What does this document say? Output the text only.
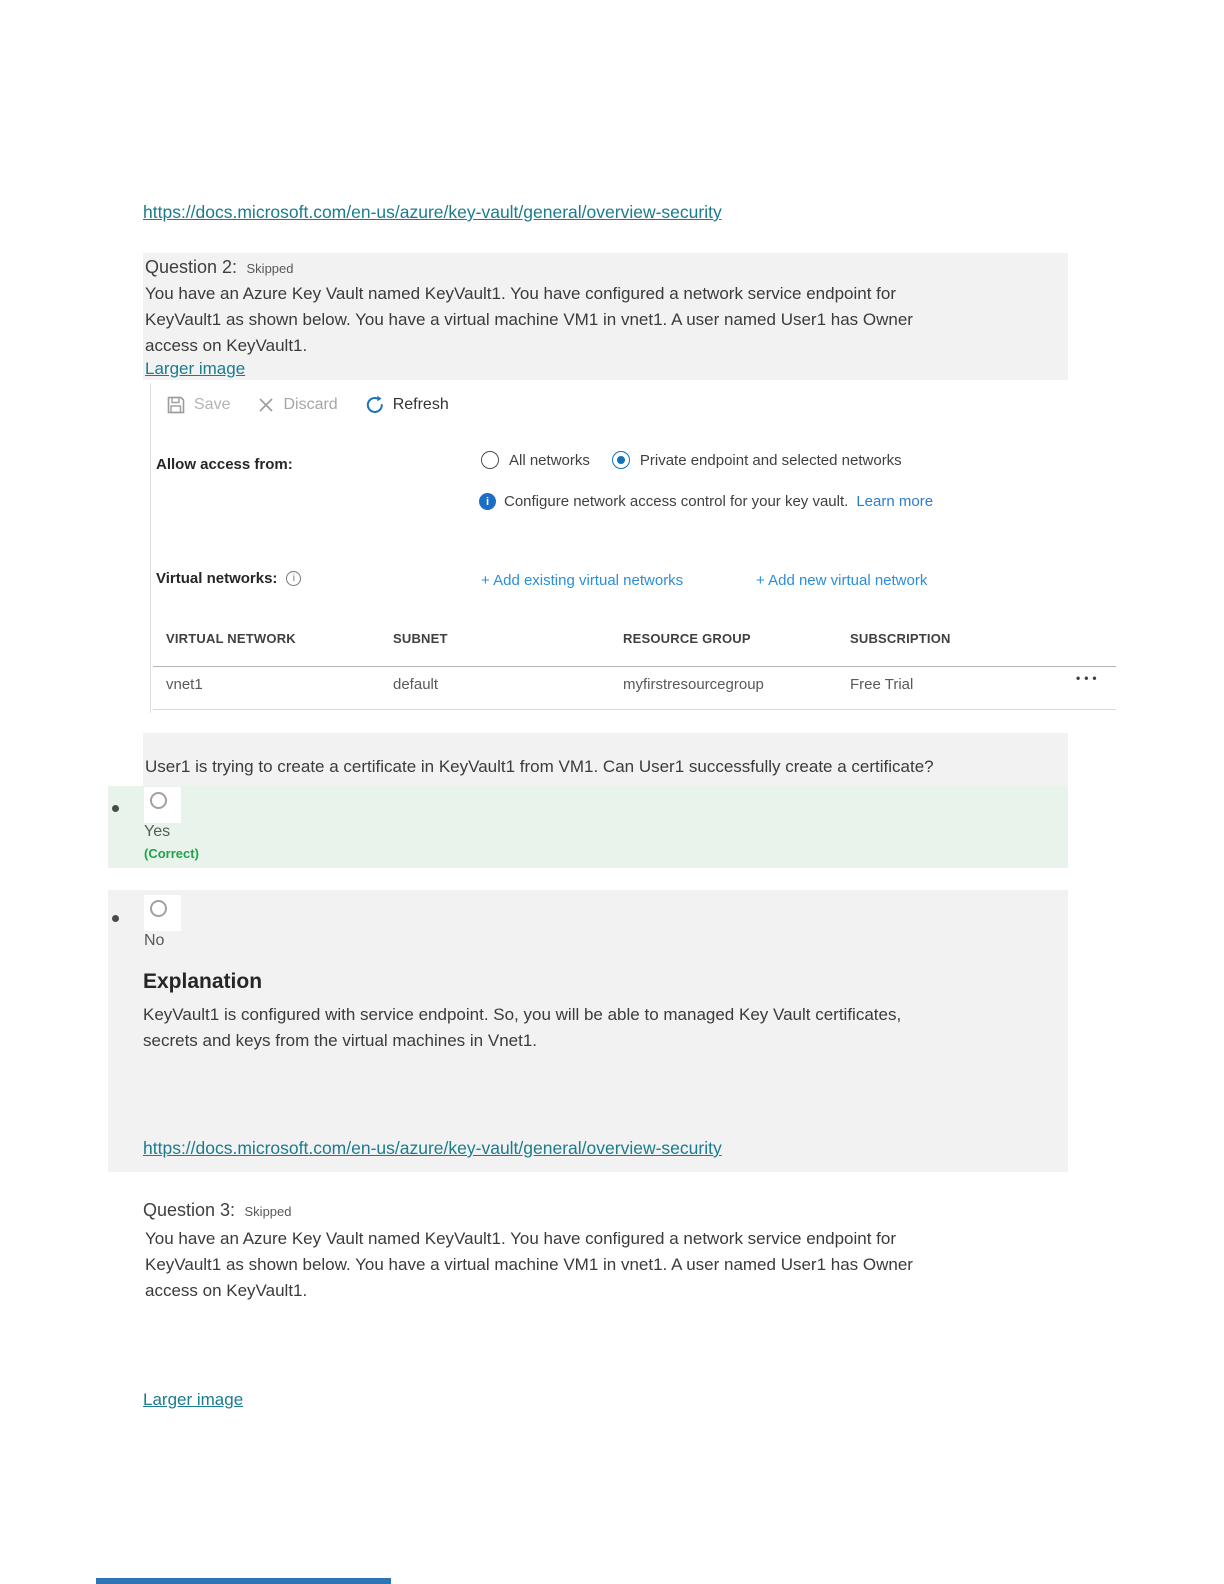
https://docs.microsoft.com/en-us/azure/key-vault/general/overview-security
Question 2: Skipped
You have an Azure Key Vault named KeyVault1. You have configured a network service endpoint for
KeyVault1 as shown below. You have a virtual machine VM1 in vnet1. A user named User1 has Owner
access on KeyVault1.
Larger image
Save	Discard	Refresh
Allow access from:	All networks	Private endpoint and selected networks
i Configure network access control for your key vault. Learn more
Virtual networks:	i	+ Add existing virtual networks	+ Add new virtual network
VIRTUAL NETWORK	SUBNET	RESOURCE GROUP	SUBSCRIPTION
vnet1	default	myfirstresourcegroup	Free Trial	•••
User1 is trying to create a certificate in KeyVault1 from VM1. Can User1 successfully create a certificate?
Yes
(Correct)
No
Explanation
KeyVault1 is configured with service endpoint. So, you will be able to managed Key Vault certificates,
secrets and keys from the virtual machines in Vnet1.
https://docs.microsoft.com/en-us/azure/key-vault/general/overview-security
Question 3: Skipped
You have an Azure Key Vault named KeyVault1. You have configured a network service endpoint for
KeyVault1 as shown below. You have a virtual machine VM1 in vnet1. A user named User1 has Owner
access on KeyVault1.
Larger image
